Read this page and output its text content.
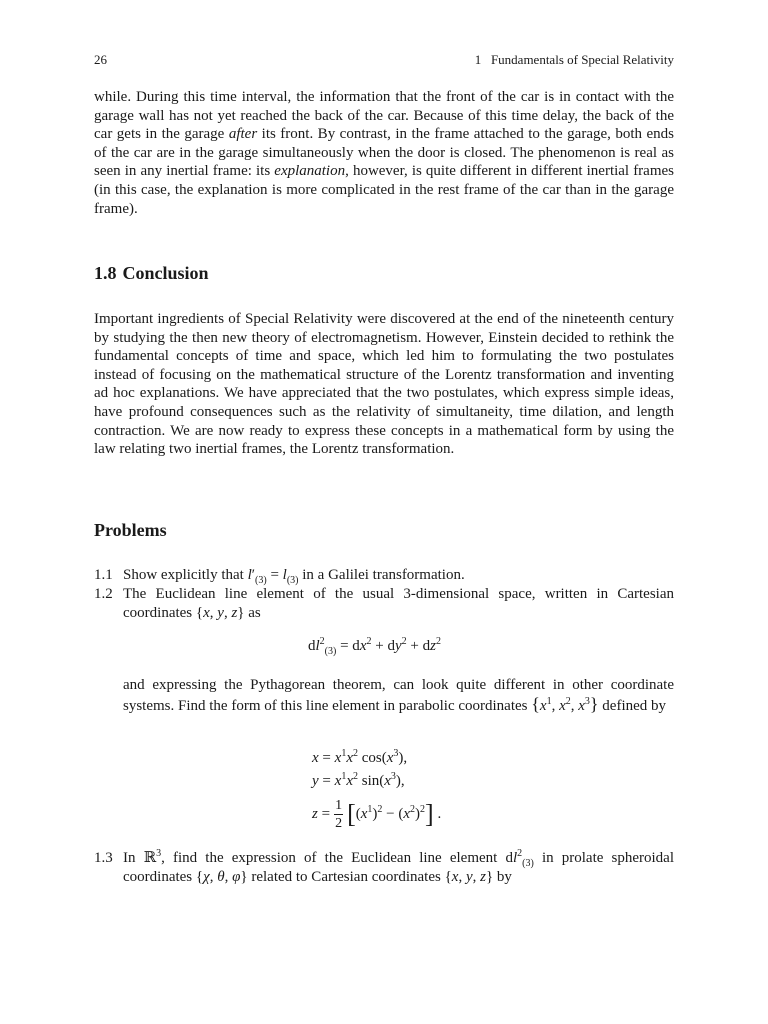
26	1   Fundamentals of Special Relativity

while. During this time interval, the information that the front of the car is in contact with the garage wall has not yet reached the back of the car. Because of this time delay, the back of the car gets in the garage after its front. By contrast, in the frame attached to the garage, both ends of the car are in the garage simultaneously when the door is closed. The phenomenon is real as seen in any inertial frame: its explanation, however, is quite different in different inertial frames (in this case, the explanation is more complicated in the rest frame of the car than in the garage frame).

1.8 Conclusion

Important ingredients of Special Relativity were discovered at the end of the nineteenth century by studying the then new theory of electromagnetism. However, Einstein decided to rethink the fundamental concepts of time and space, which led him to formulating the two postulates instead of focusing on the mathematical structure of the Lorentz transformation and inventing ad hoc explanations. We have appreciated that the two postulates, which express simple ideas, have profound consequences such as the relativity of simultaneity, time dilation, and length contraction. We are now ready to express these concepts in a mathematical form by using the law relating two inertial frames, the Lorentz transformation.

Problems
1.1 Show explicitly that $l'_{(3)} = l_{(3)}$ in a Galilei transformation.
1.2 The Euclidean line element of the usual 3-dimensional space, written in Cartesian coordinates {x, y, z} as
$dl^2_{(3)} = dx^2 + dy^2 + dz^2$
and expressing the Pythagorean theorem, can look quite different in other coordinate systems. Find the form of this line element in parabolic coordinates {$x^1$, $x^2$, $x^3$} defined by
$x = x^1x^2$ $\cos(x^3)$,
$y = x^1x^2$ $\sin(x^3)$,
$z = \frac{1}{2} [(x^1)^2 - (x^2)^2]$ .
1.3 In ℝ$^3$, find the expression of the Euclidean line element $dl^2_{(3)}$ in prolate spheroidal coordinates {χ, θ, φ} related to Cartesian coordinates {x, y, z} by
